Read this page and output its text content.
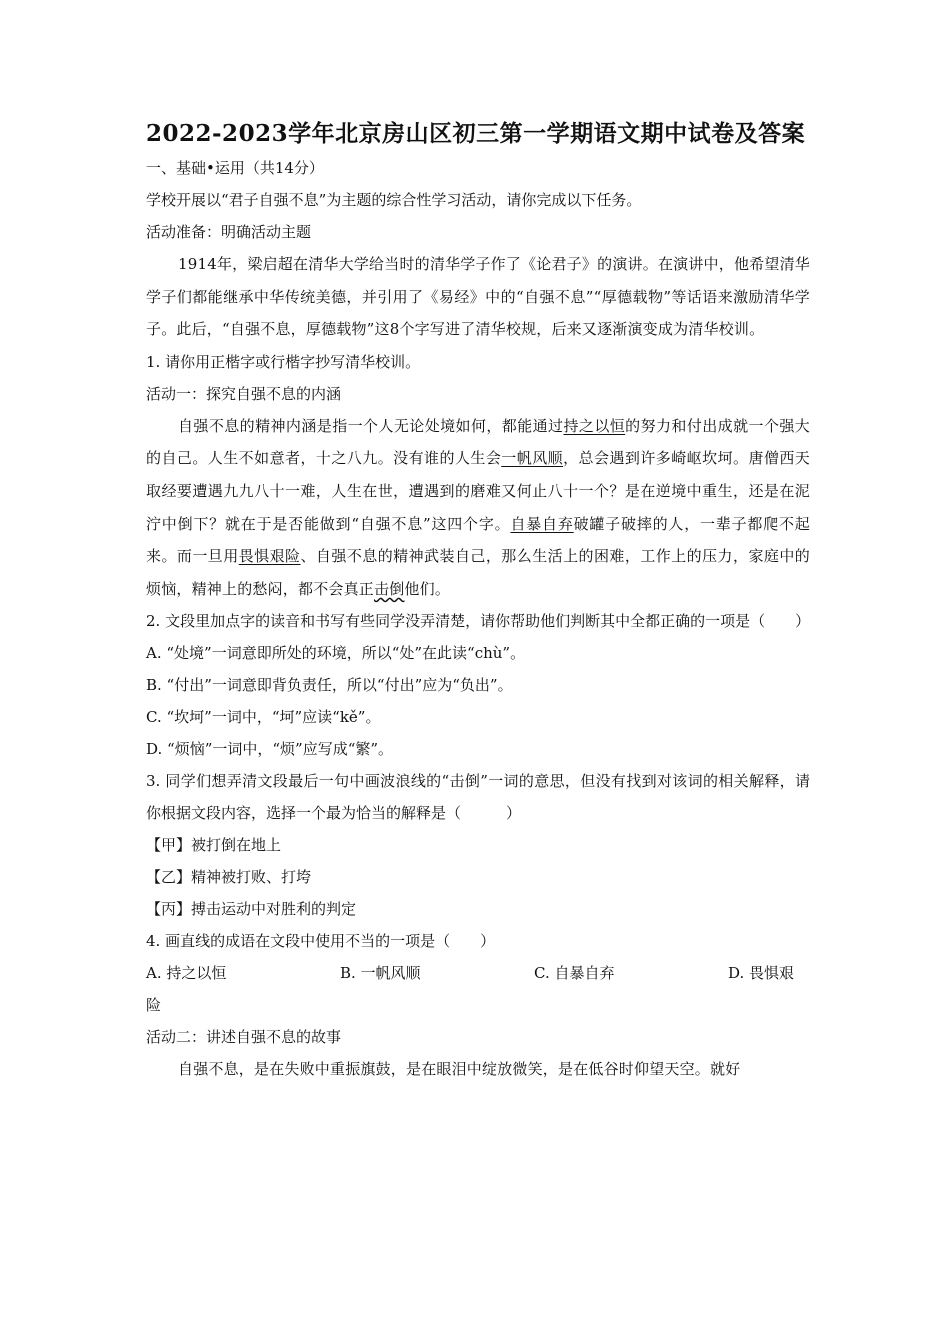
2022-2023学年北京房山区初三第一学期语文期中试卷及答案
一、基础•运用（共14分）
学校开展以“君子自强不息”为主题的综合性学习活动，请你完成以下任务。
活动准备：明确活动主题
1914年，梁启超在清华大学给当时的清华学子作了《论君子》的演讲。在演讲中，他希望清华学子们都能继承中华传统美德，并引用了《易经》中的“自强不息”“厚德载物”等话语来激励清华学子。此后，“自强不息，厚德载物”这8个字写进了清华校规，后来又逐渐演变成为清华校训。
1. 请你用正楷字或行楷字抄写清华校训。
活动一：探究自强不息的内涵
自强不息的精神内涵是指一个人无论处境如何，都能通过持之以恒的努力和付出成就一个强大的自己。人生不如意者，十之八九。没有谁的人生会一帆风顺，总会遇到许多崎岖坎坷。唐僧西天取经要遭遇九九八十一难，人生在世，遭遇到的磨难又何止八十一个？是在逆境中重生，还是在泥泞中倒下？就在于是否能做到“自强不息”这四个字。自暴自弃破罐子破摔的人，一辈子都爬不起来。而一旦用畏惧艰险、自强不息的精神武装自己，那么生活上的困难，工作上的压力，家庭中的烦恼，精神上的愁闷，都不会真正击倒他们。
2. 文段里加点字的读音和书写有些同学没弄清楚，请你帮助他们判断其中全都正确的一项是（　　）
A. “处境”一词意即所处的环境，所以“处”在此读“chù”。
B. “付出”一词意即背负责任，所以“付出”应为“负出”。
C. “坎坷”一词中，“坷”应读“kě”。
D. “烦恼”一词中，“烦”应写成“繁”。
3. 同学们想弄清文段最后一句中画波浪线的“击倒”一词的意思，但没有找到对该词的相关解释，请你根据文段内容，选择一个最为恰当的解释是（　　　）
【甲】被打倒在地上
【乙】精神被打败、打垮
【丙】搏击运动中对胜利的判定
4. 画直线的成语在文段中使用不当的一项是（　　）
A. 持之以恒	B. 一帆风顺	C. 自暴自弃	D. 畏惧艰
险
活动二：讲述自强不息的故事
自强不息，是在失败中重振旗鼓，是在眼泪中绽放微笑，是在低谷时仰望天空。就好
